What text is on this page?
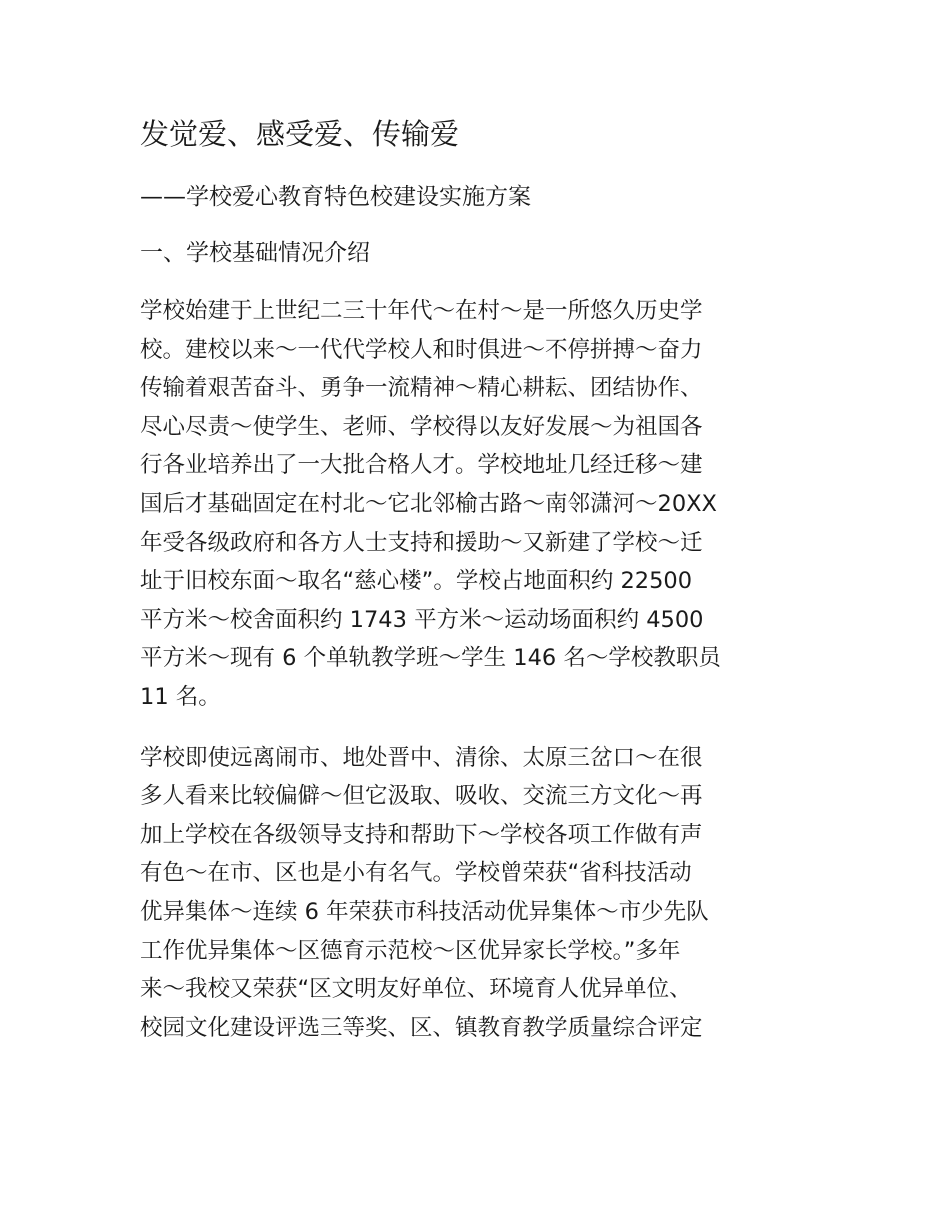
发觉爱、感受爱、传输爱
——学校爱心教育特色校建设实施方案
一、学校基础情况介绍

学校始建于上世纪二三十年代～在村～是一所悠久历史学
校。建校以来～一代代学校人和时俱进～不停拼搏～奋力
传输着艰苦奋斗、勇争一流精神～精心耕耘、团结协作、
尽心尽责～使学生、老师、学校得以友好发展～为祖国各
行各业培养出了一大批合格人才。学校地址几经迁移～建
国后才基础固定在村北～它北邻榆古路～南邻潇河～20XX
年受各级政府和各方人士支持和援助～又新建了学校～迁
址于旧校东面～取名“慈心楼”。学校占地面积约 22500
平方米～校舍面积约 1743 平方米～运动场面积约 4500
平方米～现有 6 个单轨教学班～学生 146 名～学校教职员
11 名。

学校即使远离闹市、地处晋中、清徐、太原三岔口～在很
多人看来比较偏僻～但它汲取、吸收、交流三方文化～再
加上学校在各级领导支持和帮助下～学校各项工作做有声
有色～在市、区也是小有名气。学校曾荣获“省科技活动
优异集体～连续 6 年荣获市科技活动优异集体～市少先队
工作优异集体～区德育示范校～区优异家长学校。”多年
来～我校又荣获“区文明友好单位、环境育人优异单位、
校园文化建设评选三等奖、区、镇教育教学质量综合评定
